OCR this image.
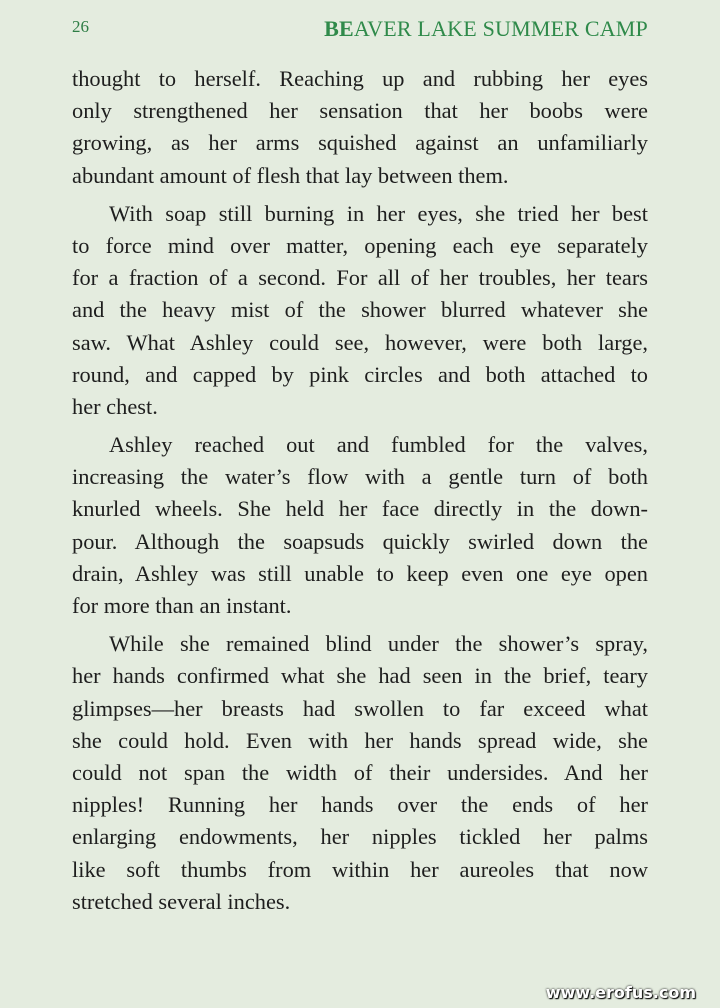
26	BEAVER LAKE SUMMER CAMP
thought to herself. Reaching up and rubbing her eyes
only strengthened her sensation that her boobs were
growing, as her arms squished against an unfamiliarly
abundant amount of flesh that lay between them.
With soap still burning in her eyes, she tried her best
to force mind over matter, opening each eye separately
for a fraction of a second. For all of her troubles, her tears
and the heavy mist of the shower blurred whatever she
saw. What Ashley could see, however, were both large,
round, and capped by pink circles and both attached to
her chest.
Ashley reached out and fumbled for the valves,
increasing the water’s flow with a gentle turn of both
knurled wheels. She held her face directly in the down-
pour. Although the soapsuds quickly swirled down the
drain, Ashley was still unable to keep even one eye open
for more than an instant.
While she remained blind under the shower’s spray,
her hands confirmed what she had seen in the brief, teary
glimpses—her breasts had swollen to far exceed what
she could hold. Even with her hands spread wide, she
could not span the width of their undersides. And her
nipples! Running her hands over the ends of her
enlarging endowments, her nipples tickled her palms
like soft thumbs from within her aureoles that now
stretched several inches.
www.erofus.com
